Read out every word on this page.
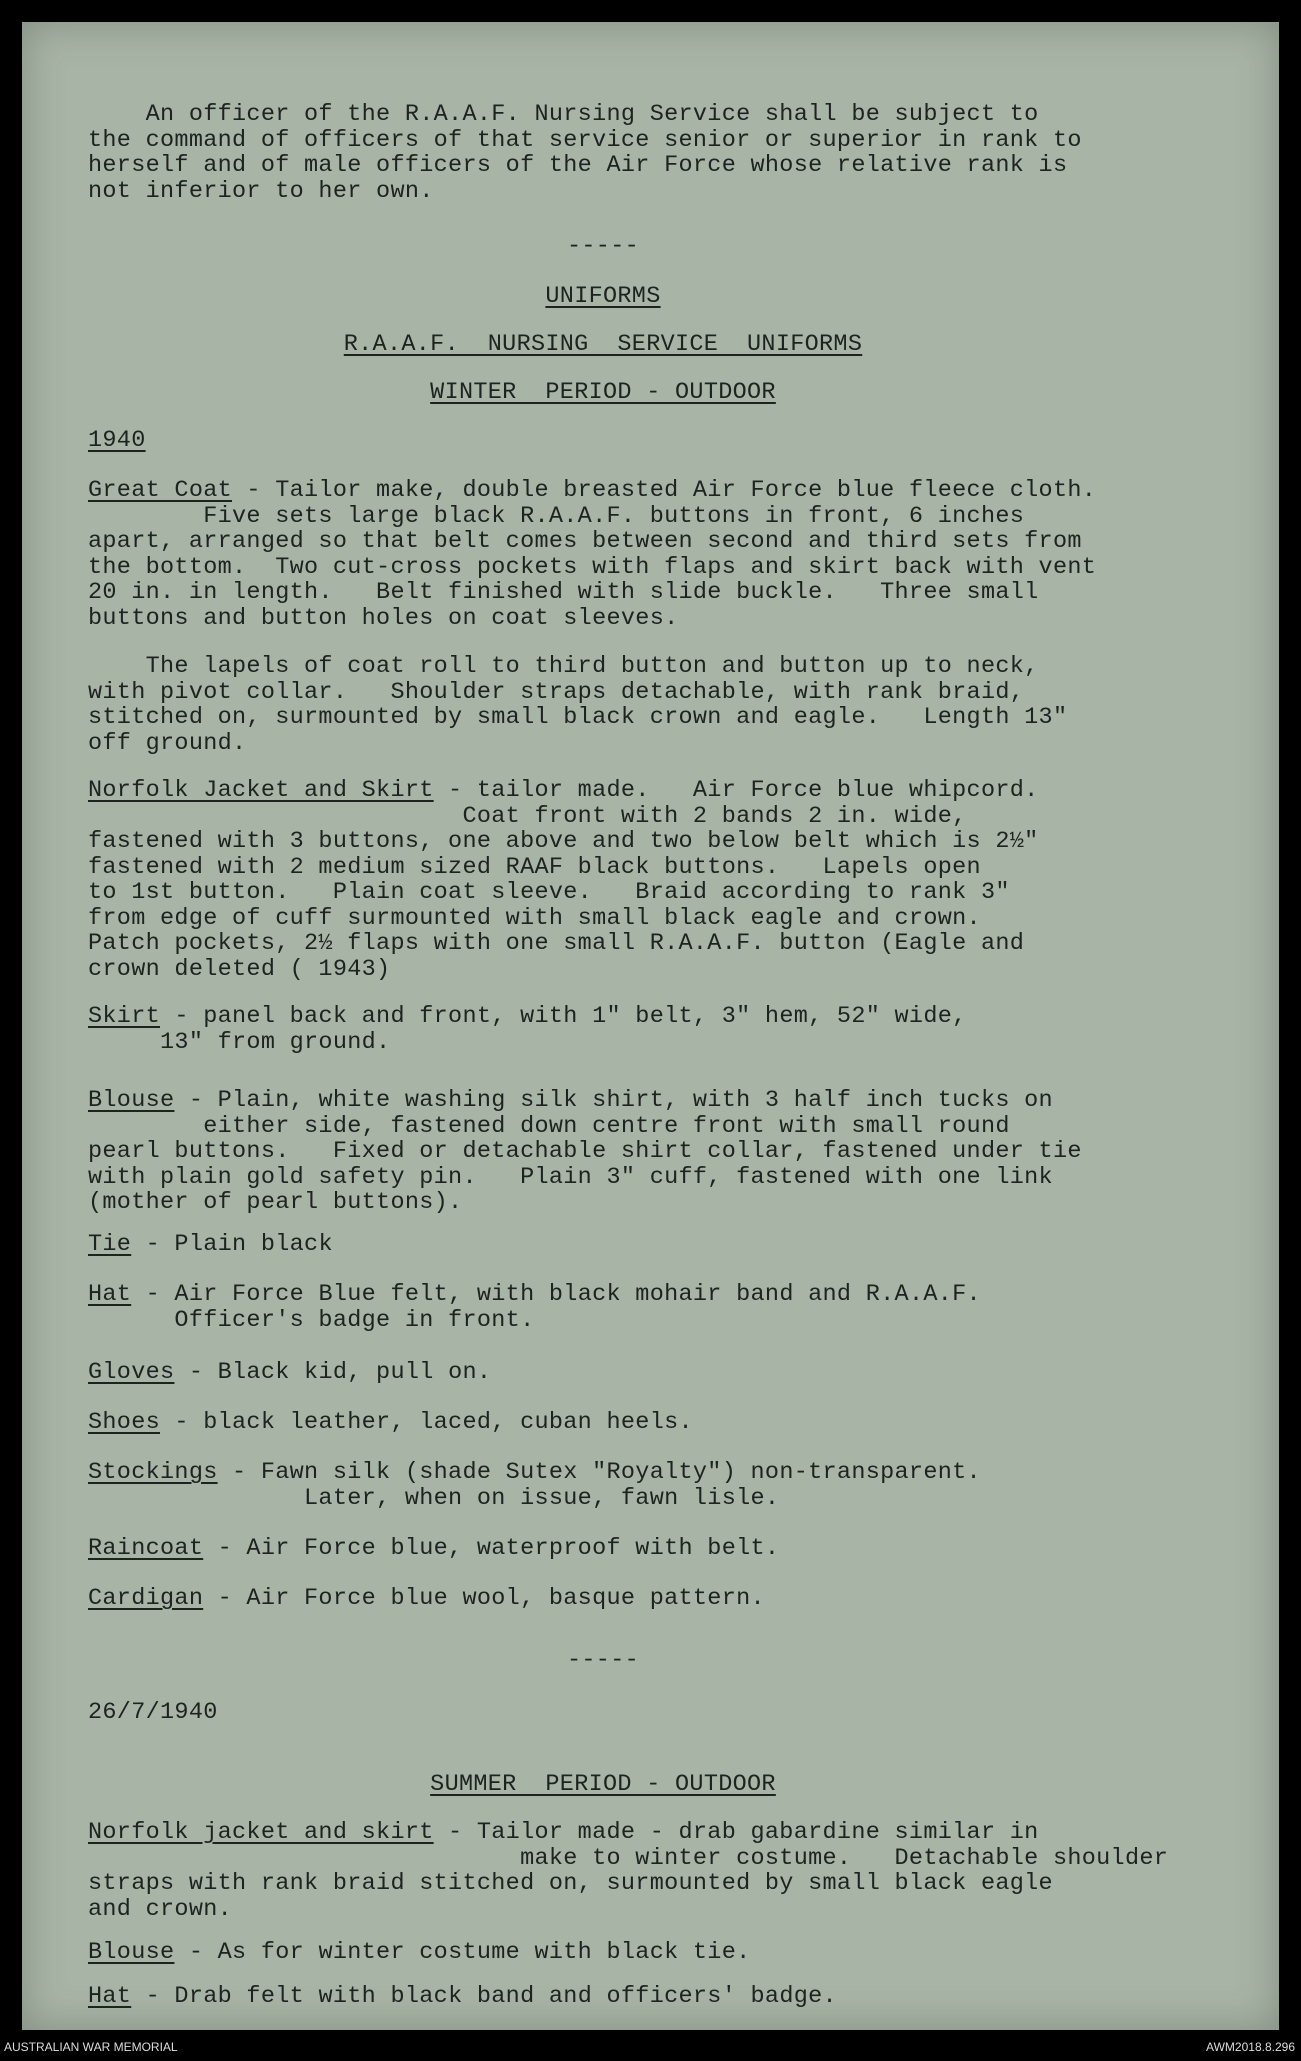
An officer of the R.A.A.F. Nursing Service shall be subject to

the command of officers of that service senior or superior in rank to

herself and of male officers of the Air Force whose relative rank is

not inferior to her own.

-----

UNIFORMS

R.A.A.F.  NURSING  SERVICE  UNIFORMS

WINTER  PERIOD - OUTDOOR

1940

Great Coat - Tailor make, double breasted Air Force blue fleece cloth.

Five sets large black R.A.A.F. buttons in front, 6 inches

apart, arranged so that belt comes between second and third sets from

the bottom.  Two cut-cross pockets with flaps and skirt back with vent

20 in. in length.   Belt finished with slide buckle.   Three small

buttons and button holes on coat sleeves.

The lapels of coat roll to third button and button up to neck,

with pivot collar.   Shoulder straps detachable, with rank braid,

stitched on, surmounted by small black crown and eagle.   Length 13"

off ground.

Norfolk Jacket and Skirt - tailor made.   Air Force blue whipcord.

Coat front with 2 bands 2 in. wide,

fastened with 3 buttons, one above and two below belt which is 2½"

fastened with 2 medium sized RAAF black buttons.   Lapels open

to 1st button.   Plain coat sleeve.   Braid according to rank 3"

from edge of cuff surmounted with small black eagle and crown.

Patch pockets, 2½ flaps with one small R.A.A.F. button (Eagle and

crown deleted ( 1943)

Skirt - panel back and front, with 1" belt, 3" hem, 52" wide,

13" from ground.

Blouse - Plain, white washing silk shirt, with 3 half inch tucks on

either side, fastened down centre front with small round

pearl buttons.   Fixed or detachable shirt collar, fastened under tie

with plain gold safety pin.   Plain 3" cuff, fastened with one link

(mother of pearl buttons).

Tie - Plain black

Hat - Air Force Blue felt, with black mohair band and R.A.A.F.

Officer's badge in front.

Gloves - Black kid, pull on.

Shoes - black leather, laced, cuban heels.

Stockings - Fawn silk (shade Sutex "Royalty") non-transparent.

Later, when on issue, fawn lisle.

Raincoat - Air Force blue, waterproof with belt.

Cardigan - Air Force blue wool, basque pattern.

-----

26/7/1940

SUMMER  PERIOD - OUTDOOR

Norfolk jacket and skirt - Tailor made - drab gabardine similar in

make to winter costume.   Detachable shoulder

straps with rank braid stitched on, surmounted by small black eagle

and crown.

Blouse - As for winter costume with black tie.

Hat - Drab felt with black band and officers' badge.

AUSTRALIAN WAR MEMORIAL	AWM2018.8.296
